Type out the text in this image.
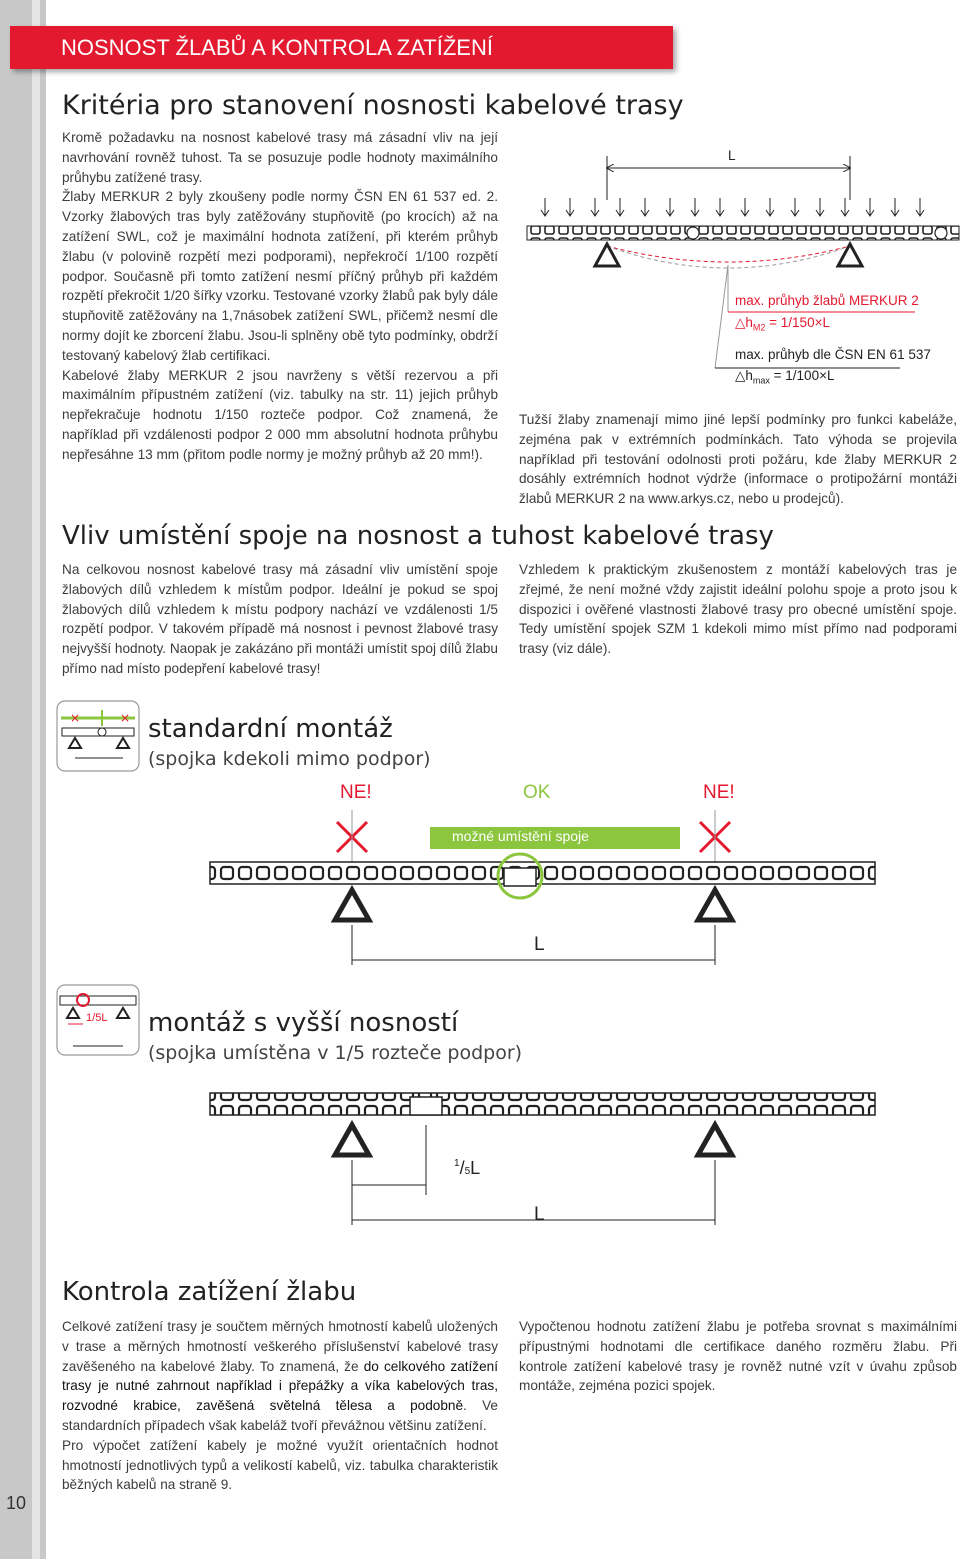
10
NOSNOST ŽLABŮ A KONTROLA ZATÍŽENÍ
Kritéria pro stanovení nosnosti kabelové trasy
Kromě požadavku na nosnost kabelové trasy má zásadní vliv na její navrhování rovněž tuhost. Ta se posuzuje podle hodnoty maximálního průhybu zatížené trasy.
Žlaby MERKUR 2 byly zkoušeny podle normy ČSN EN 61 537 ed. 2. Vzorky žlabových tras byly zatěžovány stupňovitě (po krocích) až na zatížení SWL, což je maximální hodnota zatížení, při kterém průhyb žlabu (v polovině rozpětí mezi podporami), nepřekročí 1/100 rozpětí podpor. Současně při tomto zatížení nesmí příčný průhyb při každém rozpětí překročit 1/20 šířky vzorku. Testované vzorky žlabů pak byly dále stupňovitě zatěžovány na 1,7násobek zatížení SWL, přičemž nesmí dle normy dojít ke zborcení žlabu. Jsou-li splněny obě tyto podmínky, obdrží testovaný kabelový žlab certifikaci.
Kabelové žlaby MERKUR 2 jsou navrženy s větší rezervou a při maximálním přípustném zatížení (viz. tabulky na str. 11) jejich průhyb nepřekračuje hodnotu 1/150 rozteče podpor. Což znamená, že například při vzdálenosti podpor 2 000 mm absolutní hodnota průhybu nepřesáhne 13 mm (přitom podle normy je možný průhyb až 20 mm!).
L
max. průhyb žlabů MERKUR 2
$\triangle h_{M2} = 1/150\times L$
max. průhyb dle ČSN EN 61 537
$\triangle h_{max} = 1/100\times L$
Tužší žlaby znamenají mimo jiné lepší podmínky pro funkci kabeláže, zejména pak v extrémních podmínkách. Tato výhoda se projevila například při testování odolnosti proti požáru, kde žlaby MERKUR 2 dosáhly extrémních hodnot výdrže (informace o protipožární montáži žlabů MERKUR 2 na www.arkys.cz, nebo u prodejců).
Vliv umístění spoje na nosnost a tuhost kabelové trasy
Na celkovou nosnost kabelové trasy má zásadní vliv umístění spoje žlabových dílů vzhledem k místům podpor. Ideální je pokud se spoj žlabových dílů vzhledem k místu podpory nachází ve vzdálenosti 1/5 rozpětí podpor. V takovém případě má nosnost i pevnost žlabové trasy nejvyšší hodnoty. Naopak je zakázáno při montáži umístit spoj dílů žlabu přímo nad místo podepření kabelové trasy!
Vzhledem k praktickým zkušenostem z montáží kabelových tras je zřejmé, že není možné vždy zajistit ideální polohu spoje a proto jsou k dispozici i ověřené vlastnosti žlabové trasy pro obecné umístění spoje. Tedy umístění spojek SZM 1 kdekoli mimo míst přímo nad podporami trasy (viz dále).
×	× standardní montáž
(spojka kdekoli mimo podpor)
NE!	OK	NE!
možné umístění spoje
L
1/5L montáž s vyšší nosností
(spojka umístěna v 1/5 rozteče podpor)
$^1$/5L
L
Kontrola zatížení žlabu
Celkové zatížení trasy je součtem měrných hmotností kabelů uložených v trase a měrných hmotností veškerého příslušenství kabelové trasy zavěšeného na kabelové žlaby. To znamená, že do celkového zatížení trasy je nutné zahrnout například i přepážky a víka kabelových tras, rozvodné krabice, zavěšená světelná tělesa a podobně. Ve standardních případech však kabeláž tvoří převážnou většinu zatížení.
Pro výpočet zatížení kabely je možné využít orientačních hodnot hmotností jednotlivých typů a velikostí kabelů, viz. tabulka charakteristik běžných kabelů na straně 9.
Vypočtenou hodnotu zatížení žlabu je potřeba srovnat s maximálními přípustnými hodnotami dle certifikace daného rozměru žlabu. Při kontrole zatížení kabelové trasy je rovněž nutné vzít v úvahu způsob montáže, zejména pozici spojek.
